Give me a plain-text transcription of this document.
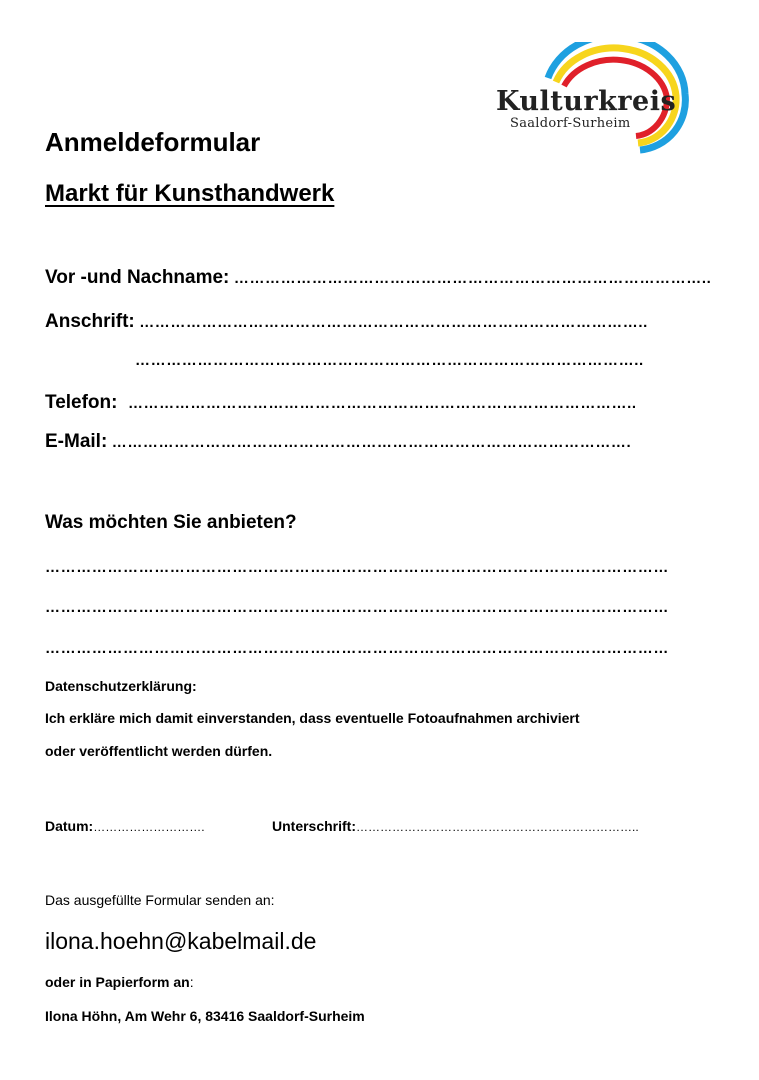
Kulturkreis
Saaldorf-Surheim
Anmeldeformular
Markt für Kunsthandwerk
Vor -und Nachname: ………………………………………………………………………………..
Anschrift: ……………………………………………………………………………………..
……………………………………………………………………………………..
Telefon: ……………………………………………………………………………………..
E-Mail: ……………………………………………………………………………………….
Was möchten Sie anbieten?
…………………………………………………………………………………………………………
…………………………………………………………………………………………………………
…………………………………………………………………………………………………………
Datenschutzerklärung:
Ich erkläre mich damit einverstanden, dass eventuelle Fotoaufnahmen archiviert
oder veröffentlicht werden dürfen.
Datum:……………………….	Unterschrift:……………………………………………………………..
Das ausgefüllte Formular senden an:
ilona.hoehn@kabelmail.de
oder in Papierform an:
Ilona Höhn, Am Wehr 6, 83416 Saaldorf-Surheim
